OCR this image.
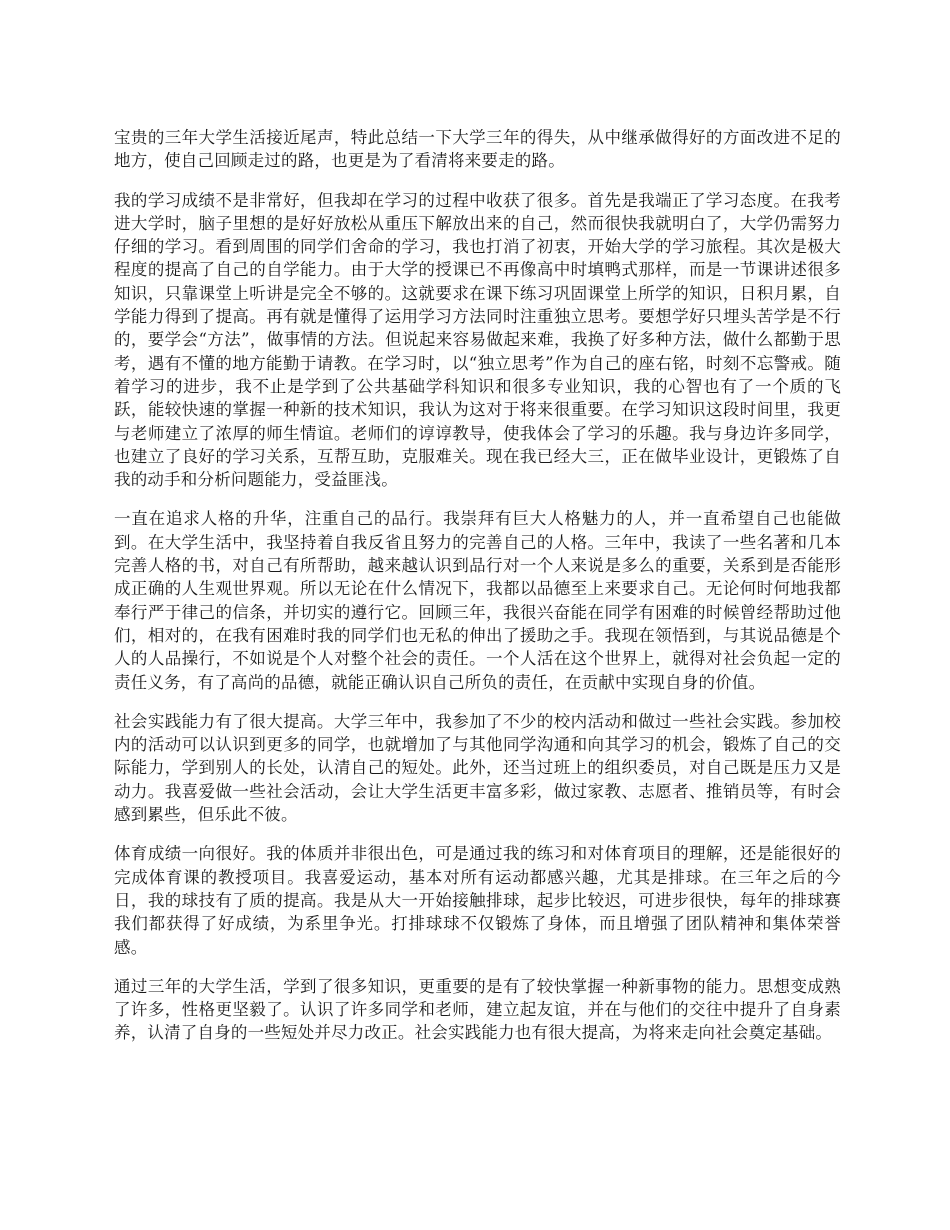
宝贵的三年大学生活接近尾声，特此总结一下大学三年的得失，从中继承做得好的方面改进不足的地方，使自己回顾走过的路，也更是为了看清将来要走的路。

我的学习成绩不是非常好，但我却在学习的过程中收获了很多。首先是我端正了学习态度。在我考进大学时，脑子里想的是好好放松从重压下解放出来的自己，然而很快我就明白了，大学仍需努力仔细的学习。看到周围的同学们舍命的学习，我也打消了初衷，开始大学的学习旅程。其次是极大程度的提高了自己的自学能力。由于大学的授课已不再像高中时填鸭式那样，而是一节课讲述很多知识，只靠课堂上听讲是完全不够的。这就要求在课下练习巩固课堂上所学的知识，日积月累，自学能力得到了提高。再有就是懂得了运用学习方法同时注重独立思考。要想学好只埋头苦学是不行的，要学会“方法”，做事情的方法。但说起来容易做起来难，我换了好多种方法，做什么都勤于思考，遇有不懂的地方能勤于请教。在学习时，以“独立思考”作为自己的座右铭，时刻不忘警戒。随着学习的进步，我不止是学到了公共基础学科知识和很多专业知识，我的心智也有了一个质的飞跃，能较快速的掌握一种新的技术知识，我认为这对于将来很重要。在学习知识这段时间里，我更与老师建立了浓厚的师生情谊。老师们的谆谆教导，使我体会了学习的乐趣。我与身边许多同学，也建立了良好的学习关系，互帮互助，克服难关。现在我已经大三，正在做毕业设计，更锻炼了自我的动手和分析问题能力，受益匪浅。

一直在追求人格的升华，注重自己的品行。我崇拜有巨大人格魅力的人，并一直希望自己也能做到。在大学生活中，我坚持着自我反省且努力的完善自己的人格。三年中，我读了一些名著和几本完善人格的书，对自己有所帮助，越来越认识到品行对一个人来说是多么的重要，关系到是否能形成正确的人生观世界观。所以无论在什么情况下，我都以品德至上来要求自己。无论何时何地我都奉行严于律己的信条，并切实的遵行它。回顾三年，我很兴奋能在同学有困难的时候曾经帮助过他们，相对的，在我有困难时我的同学们也无私的伸出了援助之手。我现在领悟到，与其说品德是个人的人品操行，不如说是个人对整个社会的责任。一个人活在这个世界上，就得对社会负起一定的责任义务，有了高尚的品德，就能正确认识自己所负的责任，在贡献中实现自身的价值。

社会实践能力有了很大提高。大学三年中，我参加了不少的校内活动和做过一些社会实践。参加校内的活动可以认识到更多的同学，也就增加了与其他同学沟通和向其学习的机会，锻炼了自己的交际能力，学到别人的长处，认清自己的短处。此外，还当过班上的组织委员，对自己既是压力又是动力。我喜爱做一些社会活动，会让大学生活更丰富多彩，做过家教、志愿者、推销员等，有时会感到累些，但乐此不彼。

体育成绩一向很好。我的体质并非很出色，可是通过我的练习和对体育项目的理解，还是能很好的完成体育课的教授项目。我喜爱运动，基本对所有运动都感兴趣，尤其是排球。在三年之后的今日，我的球技有了质的提高。我是从大一开始接触排球，起步比较迟，可进步很快，每年的排球赛我们都获得了好成绩，为系里争光。打排球球不仅锻炼了身体，而且增强了团队精神和集体荣誉感。

通过三年的大学生活，学到了很多知识，更重要的是有了较快掌握一种新事物的能力。思想变成熟了许多，性格更坚毅了。认识了许多同学和老师，建立起友谊，并在与他们的交往中提升了自身素养，认清了自身的一些短处并尽力改正。社会实践能力也有很大提高，为将来走向社会奠定基础。
